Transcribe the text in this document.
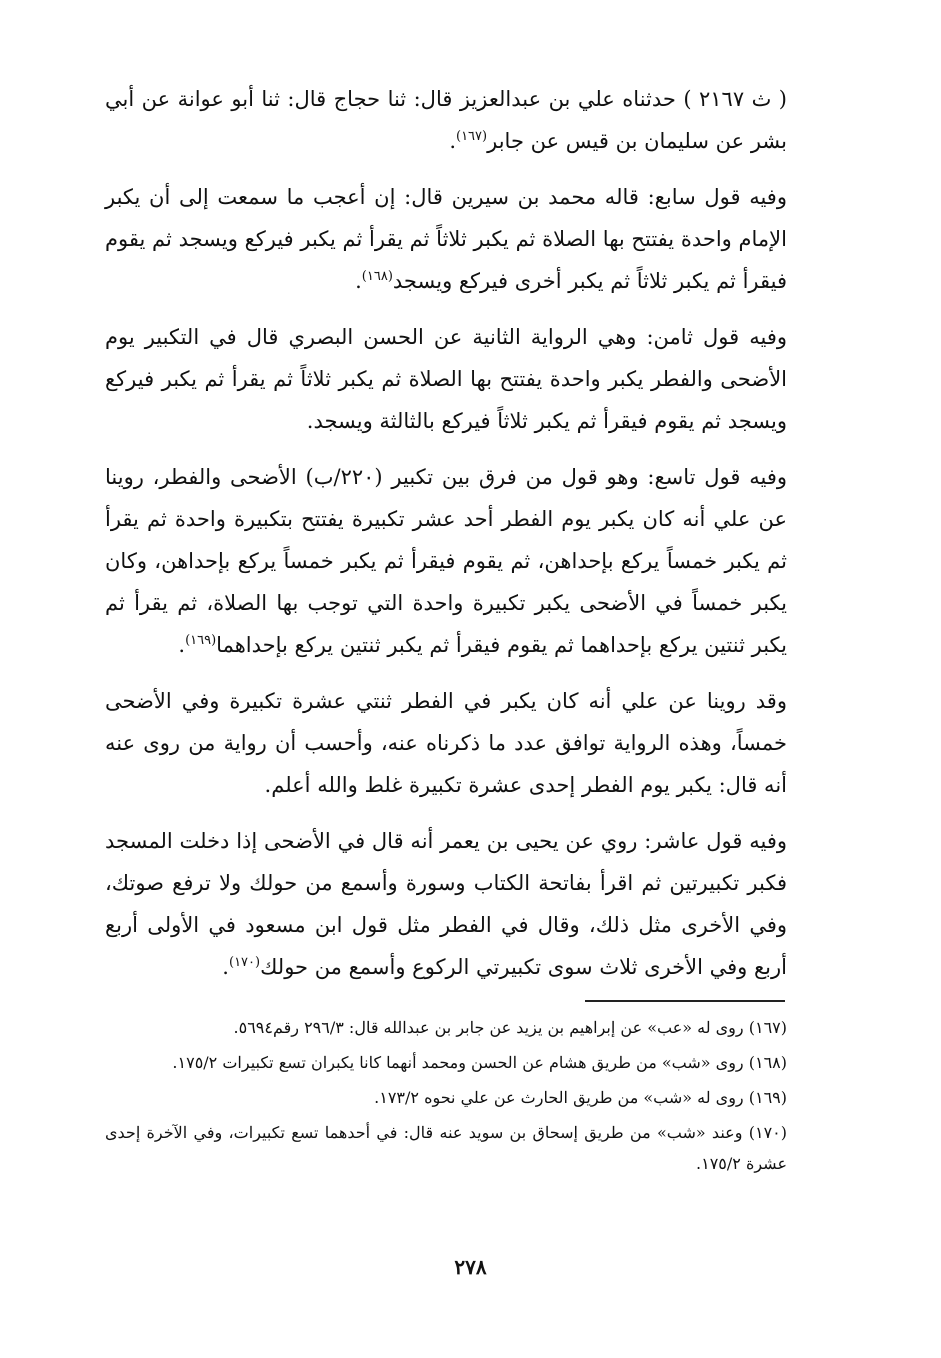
( ث ٢١٦٧ ) حدثناه علي بن عبدالعزيز قال: ثنا حجاج قال: ثنا أبو عوانة عن أبي بشر عن سليمان بن قيس عن جابر$^{(١٦٧)}$.

وفيه قول سابع: قاله محمد بن سيرين قال: إن أعجب ما سمعت إلى أن يكبر الإمام واحدة يفتتح بها الصلاة ثم يكبر ثلاثاً ثم يقرأ ثم يكبر فيركع ويسجد ثم يقوم فيقرأ ثم يكبر ثلاثاً ثم يكبر أخرى فيركع ويسجد$^{(١٦٨)}$.

وفيه قول ثامن: وهي الرواية الثانية عن الحسن البصري قال في التكبير يوم الأضحى والفطر يكبر واحدة يفتتح بها الصلاة ثم يكبر ثلاثاً ثم يقرأ ثم يكبر فيركع ويسجد ثم يقوم فيقرأ ثم يكبر ثلاثاً فيركع بالثالثة ويسجد.

وفيه قول تاسع: وهو قول من فرق بين تكبير (٢٢٠/ب) الأضحى والفطر، روينا عن علي أنه كان يكبر يوم الفطر أحد عشر تكبيرة يفتتح بتكبيرة واحدة ثم يقرأ ثم يكبر خمساً يركع بإحداهن، ثم يقوم فيقرأ ثم يكبر خمساً يركع بإحداهن، وكان يكبر خمساً في الأضحى يكبر تكبيرة واحدة التي توجب بها الصلاة، ثم يقرأ ثم يكبر ثنتين يركع بإحداهما ثم يقوم فيقرأ ثم يكبر ثنتين يركع بإحداهما$^{(١٦٩)}$.

وقد روينا عن علي أنه كان يكبر في الفطر ثنتي عشرة تكبيرة وفي الأضحى خمساً، وهذه الرواية توافق عدد ما ذكرناه عنه، وأحسب أن رواية من روى عنه أنه قال: يكبر يوم الفطر إحدى عشرة تكبيرة غلط والله أعلم.

وفيه قول عاشر: روي عن يحيى بن يعمر أنه قال في الأضحى إذا دخلت المسجد فكبر تكبيرتين ثم اقرأ بفاتحة الكتاب وسورة وأسمع من حولك ولا ترفع صوتك، وفي الأخرى مثل ذلك، وقال في الفطر مثل قول ابن مسعود في الأولى أربع أربع وفي الأخرى ثلاث سوى تكبيرتي الركوع وأسمع من حولك$^{(١٧٠)}$.

(١٦٧) روى له «عب» عن إبراهيم بن يزيد عن جابر بن عبدالله قال: ٢٩٦/٣ رقم٥٦٩٤.

(١٦٨) روى «شب» من طريق هشام عن الحسن ومحمد أنهما كانا يكبران تسع تكبيرات ١٧٥/٢.

(١٦٩) روى له «شب» من طريق الحارث عن علي نحوه ١٧٣/٢.

(١٧٠) وعند «شب» من طريق إسحاق بن سويد عنه قال: في أحدهما تسع تكبيرات، وفي الآخرة إحدى عشرة ١٧٥/٢.

٢٧٨
